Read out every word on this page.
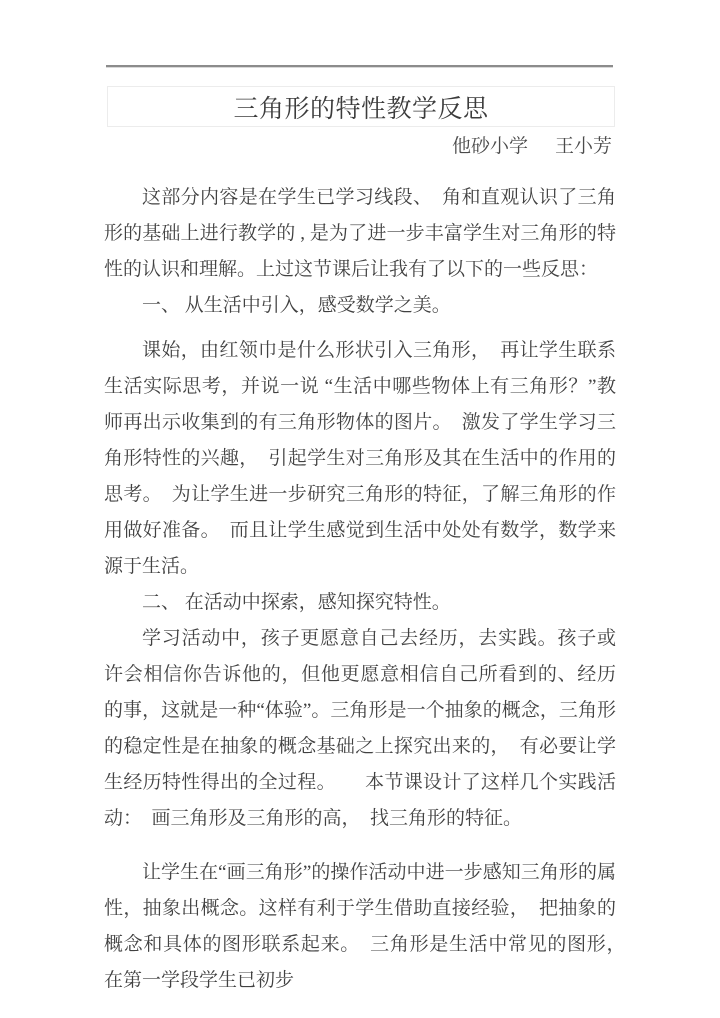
三角形的特性教学反思
他砂小学 王小芳

这部分内容是在学生已学习线段、　角和直观认识了三角形的基础上进行教学的 , 是为了进一步丰富学生对三角形的特性的认识和理解。上过这节课后让我有了以下的一些反思：

一、 从生活中引入，感受数学之美。

课始，由红领巾是什么形状引入三角形，　再让学生联系生活实际思考，并说一说 “生活中哪些物体上有三角形？”教师再出示收集到的有三角形物体的图片。　激发了学生学习三角形特性的兴趣，　引起学生对三角形及其在生活中的作用的思考。　为让学生进一步研究三角形的特征，了解三角形的作用做好准备。　而且让学生感觉到生活中处处有数学，数学来源于生活。

二、 在活动中探索，感知探究特性。

学习活动中，孩子更愿意自己去经历，去实践。孩子或许会相信你告诉他的，但他更愿意相信自己所看到的、经历的事，这就是一种“体验”。三角形是一个抽象的概念，三角形的稳定性是在抽象的概念基础之上探究出来的，　有必要让学生经历特性得出的全过程。　　本节课设计了这样几个实践活动：　画三角形及三角形的高，　找三角形的特征。

让学生在“画三角形”的操作活动中进一步感知三角形的属性，抽象出概念。这样有利于学生借助直接经验，　把抽象的概念和具体的图形联系起来。　三角形是生活中常见的图形，　在第一学段学生已初步
